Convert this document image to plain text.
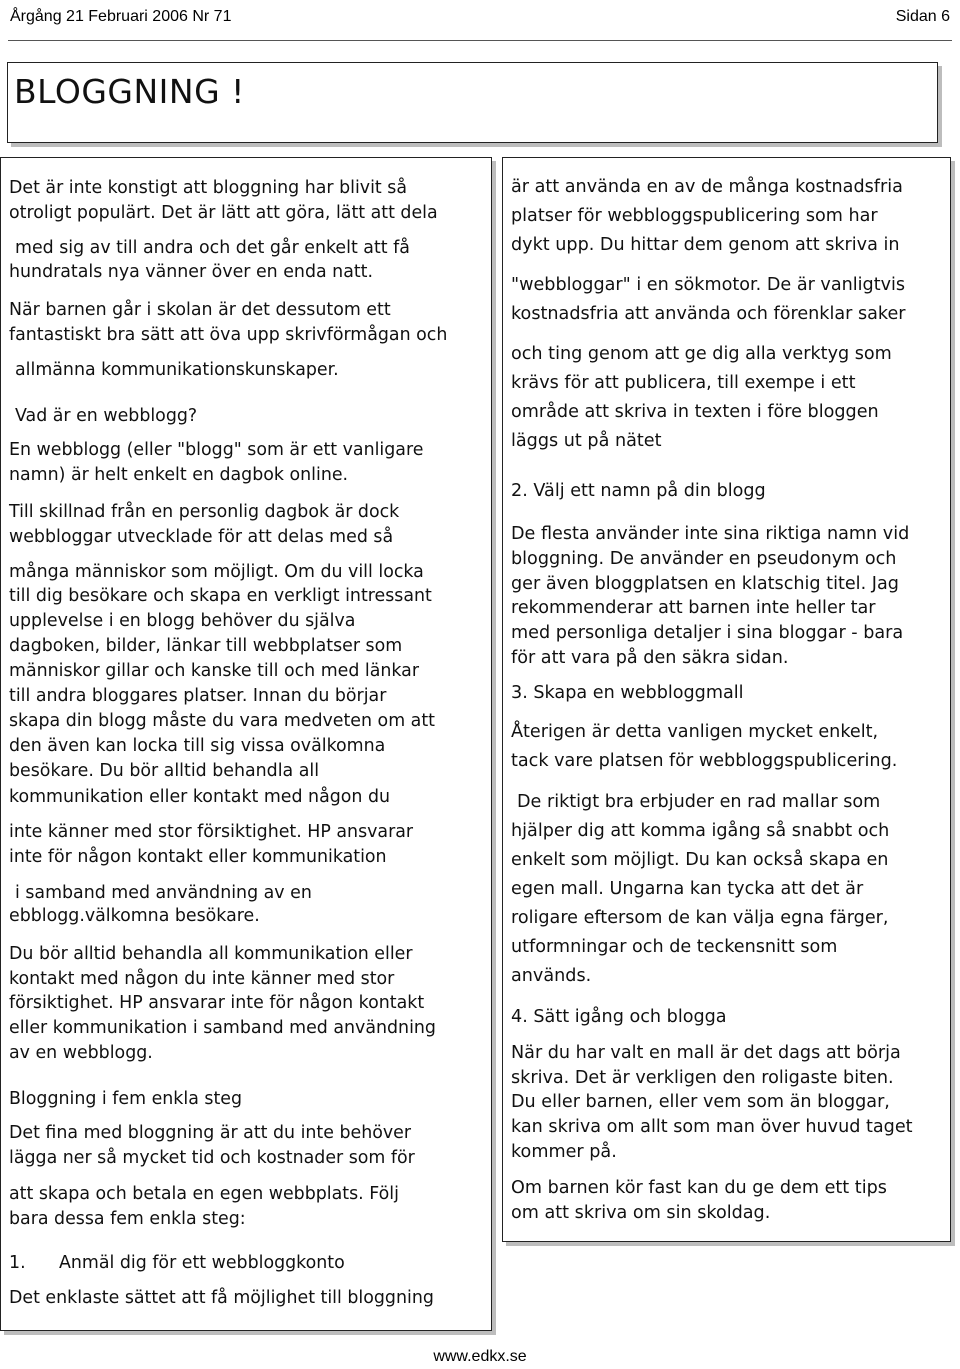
Årgång 21 Februari 2006 Nr 71	Sidan 6
BLOGGNING !

Det är inte konstigt att bloggning har blivit så

otroligt populärt. Det är lätt att göra, lätt att dela

med sig av till andra och det går enkelt att få

hundratals nya vänner över en enda natt.

När barnen går i skolan är det dessutom ett

fantastiskt bra sätt att öva upp skrivförmågan och

allmänna kommunikationskunskaper.

Vad är en webblogg?

En webblogg (eller "blogg" som är ett vanligare

namn) är helt enkelt en dagbok online.

Till skillnad från en personlig dagbok är dock

webbloggar utvecklade för att delas med så

många människor som möjligt. Om du vill locka

till dig besökare och skapa en verkligt intressant

upplevelse i en blogg behöver du själva

dagboken, bilder, länkar till webbplatser som

människor gillar och kanske till och med länkar

till andra bloggares platser. Innan du börjar

skapa din blogg måste du vara medveten om att

den även kan locka till sig vissa ovälkomna

besökare. Du bör alltid behandla all

kommunikation eller kontakt med någon du

inte känner med stor försiktighet. HP ansvarar

inte för någon kontakt eller kommunikation

i samband med användning av en

ebblogg.välkomna besökare.

Du bör alltid behandla all kommunikation eller

kontakt med någon du inte känner med stor

försiktighet. HP ansvarar inte för någon kontakt

eller kommunikation i samband med användning

av en webblogg.

Bloggning i fem enkla steg

Det fina med bloggning är att du inte behöver

lägga ner så mycket tid och kostnader som för

att skapa och betala en egen webbplats. Följ

bara dessa fem enkla steg:

1. Anmäl dig för ett webbloggkonto

Det enklaste sättet att få möjlighet till bloggning

är att använda en av de många kostnadsfria

platser för webbloggspublicering som har

dykt upp. Du hittar dem genom att skriva in

"webbloggar" i en sökmotor. De är vanligtvis

kostnadsfria att använda och förenklar saker

och ting genom att ge dig alla verktyg som

krävs för att publicera, till exempe i ett

område att skriva in texten i före bloggen

läggs ut på nätet

2. Välj ett namn på din blogg

De flesta använder inte sina riktiga namn vid

bloggning. De använder en pseudonym och

ger även bloggplatsen en klatschig titel. Jag

rekommenderar att barnen inte heller tar

med personliga detaljer i sina bloggar - bara

för att vara på den säkra sidan.

3. Skapa en webbloggmall

Återigen är detta vanligen mycket enkelt,

tack vare platsen för webbloggspublicering.

De riktigt bra erbjuder en rad mallar som

hjälper dig att komma igång så snabbt och

enkelt som möjligt. Du kan också skapa en

egen mall. Ungarna kan tycka att det är

roligare eftersom de kan välja egna färger,

utformningar och de teckensnitt som

används.

4. Sätt igång och blogga

När du har valt en mall är det dags att börja

skriva. Det är verkligen den roligaste biten.

Du eller barnen, eller vem som än bloggar,

kan skriva om allt som man över huvud taget

kommer på.

Om barnen kör fast kan du ge dem ett tips

om att skriva om sin skoldag.

www.edkx.se
